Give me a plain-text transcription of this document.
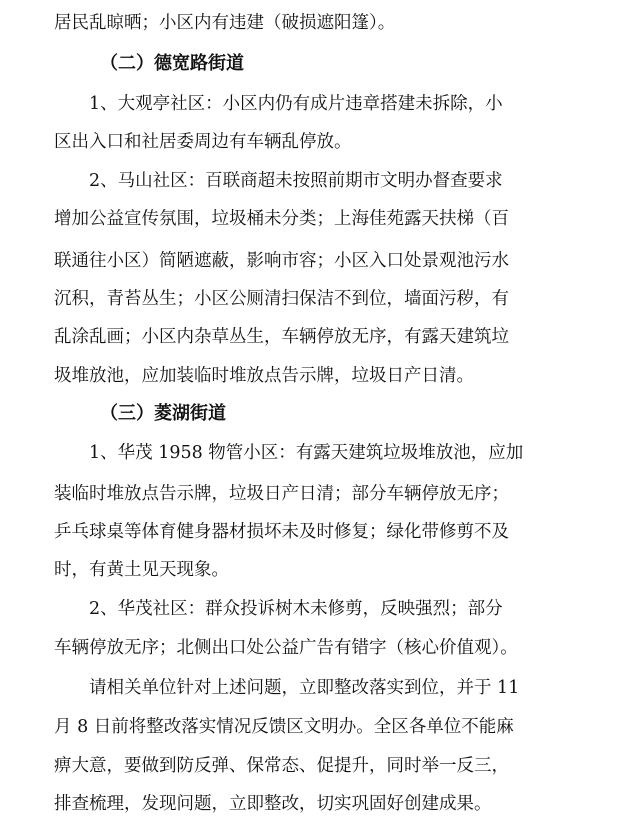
居民乱晾晒；小区内有违建（破损遮阳篷）。
（二）德宽路街道
1、大观亭社区：小区内仍有成片违章搭建未拆除，小
区出入口和社居委周边有车辆乱停放。
2、马山社区：百联商超未按照前期市文明办督查要求
增加公益宣传氛围，垃圾桶未分类；上海佳苑露天扶梯（百
联通往小区）简陋遮蔽，影响市容；小区入口处景观池污水
沉积，青苔丛生；小区公厕清扫保洁不到位，墙面污秽，有
乱涂乱画；小区内杂草丛生，车辆停放无序，有露天建筑垃
圾堆放池，应加装临时堆放点告示牌，垃圾日产日清。
（三）菱湖街道
1、华茂 1958 物管小区：有露天建筑垃圾堆放池，应加
装临时堆放点告示牌，垃圾日产日清；部分车辆停放无序；
乒乓球桌等体育健身器材损坏未及时修复；绿化带修剪不及
时，有黄土见天现象。
2、华茂社区：群众投诉树木未修剪，反映强烈；部分
车辆停放无序；北侧出口处公益广告有错字（核心价值观）。
请相关单位针对上述问题，立即整改落实到位，并于 11
月 8 日前将整改落实情况反馈区文明办。全区各单位不能麻
痹大意，要做到防反弹、保常态、促提升，同时举一反三，
排查梳理，发现问题，立即整改，切实巩固好创建成果。
